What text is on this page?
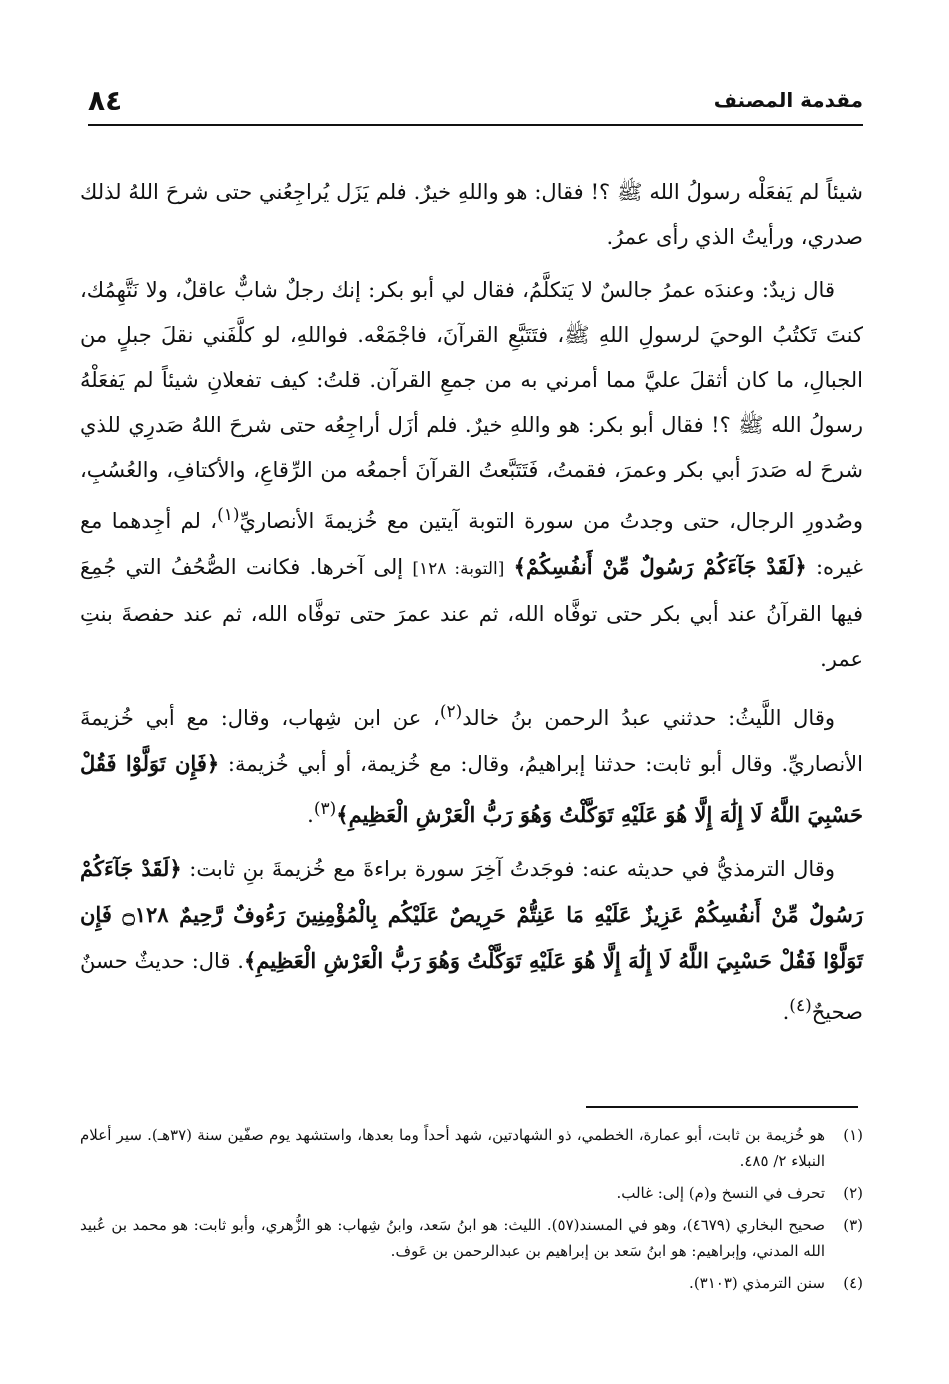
مقدمة المصنف
٨٤

شيئاً لم يَفعَلْه رسولُ الله ﷺ ؟! فقال: هو واللهِ خيرٌ. فلم يَزَل يُراجِعُني حتى شرحَ اللهُ لذلك صدري، ورأيتُ الذي رأى عمرُ.

قال زيدٌ: وعندَه عمرُ جالسٌ لا يَتكلَّمُ، فقال لي أبو بكر: إنك رجلٌ شابٌّ عاقلٌ، ولا نَتَّهِمُك، كنتَ تَكتُبُ الوحيَ لرسولِ اللهِ ﷺ، فتَتَبَّعِ القرآنَ، فاجْمَعْه. فواللهِ، لو كلَّفَني نقلَ جبلٍ من الجبالِ، ما كان أثقلَ عليَّ مما أمرني به من جمعِ القرآن. قلتُ: كيف تفعلانِ شيئاً لم يَفعَلْهُ رسولُ الله ﷺ ؟! فقال أبو بكر: هو واللهِ خيرٌ. فلم أزَل أراجِعُه حتى شرحَ اللهُ صَدرِي للذي شرحَ له صَدرَ أبي بكر وعمرَ، فقمتُ، فَتَتَبَّعتُ القرآنَ أجمعُه من الرِّقاعِ، والأكتافِ، والعُسُبِ، وصُدورِ الرجال، حتى وجدتُ من سورة التوبة آيتين مع خُزيمةَ الأنصاريِّ$^{(١)}$، لم أجِدهما مع غيره: ﴿لَقَدْ جَآءَكُمْ رَسُولٌ مِّنْ أَنفُسِكُمْ﴾ [التوبة: ١٢٨] إلى آخرها. فكانت الصُّحُفُ التي جُمِعَ فيها القرآنُ عند أبي بكر حتى توفَّاه الله، ثم عند عمرَ حتى توفَّاه الله، ثم عند حفصةَ بنتِ عمر.

وقال اللَّيثُ: حدثني عبدُ الرحمن بنُ خالد$^{(٢)}$، عن ابن شِهاب، وقال: مع أبي خُزيمةَ الأنصاريِّ. وقال أبو ثابت: حدثنا إبراهيمُ، وقال: مع خُزيمة، أو أبي خُزيمة: ﴿فَإِن تَوَلَّوْا فَقُلْ حَسْبِيَ اللَّهُ لَا إِلَٰهَ إِلَّا هُوَ عَلَيْهِ تَوَكَّلْتُ وَهُوَ رَبُّ الْعَرْشِ الْعَظِيمِ﴾$^{(٣)}$.

وقال الترمذيُّ في حديثه عنه: فوجَدتُ آخِرَ سورة براءةَ مع خُزيمةَ بنِ ثابت: ﴿لَقَدْ جَآءَكُمْ رَسُولٌ مِّنْ أَنفُسِكُمْ عَزِيزٌ عَلَيْهِ مَا عَنِتُّمْ حَرِيصٌ عَلَيْكُم بِالْمُؤْمِنِينَ رَءُوفٌ رَّحِيمٌ ۝١٢٨ فَإِن تَوَلَّوْا فَقُلْ حَسْبِيَ اللَّهُ لَا إِلَٰهَ إِلَّا هُوَ عَلَيْهِ تَوَكَّلْتُ وَهُوَ رَبُّ الْعَرْشِ الْعَظِيمِ﴾. قال: حديثٌ حسنٌ صحيحٌ$^{(٤)}$.

(١)
هو خُزيمة بن ثابت، أبو عمارة، الخطمي، ذو الشهادتين، شهد أحداً وما بعدها، واستشهد يوم صفّين سنة (٣٧هـ). سير أعلام النبلاء ٢/ ٤٨٥.
(٢)
تحرف في النسخ و(م) إلى: غالب.
(٣)
صحيح البخاري (٤٦٧٩)، وهو في المسند(٥٧). الليث: هو ابنُ سَعد، وابنُ شِهاب: هو الزُّهري، وأبو ثابت: هو محمد بن عُبيد الله المدني، وإبراهيم: هو ابنُ سَعد بن إبراهيم بن عبدالرحمن بن عَوف.
(٤)
سنن الترمذي (٣١٠٣).
